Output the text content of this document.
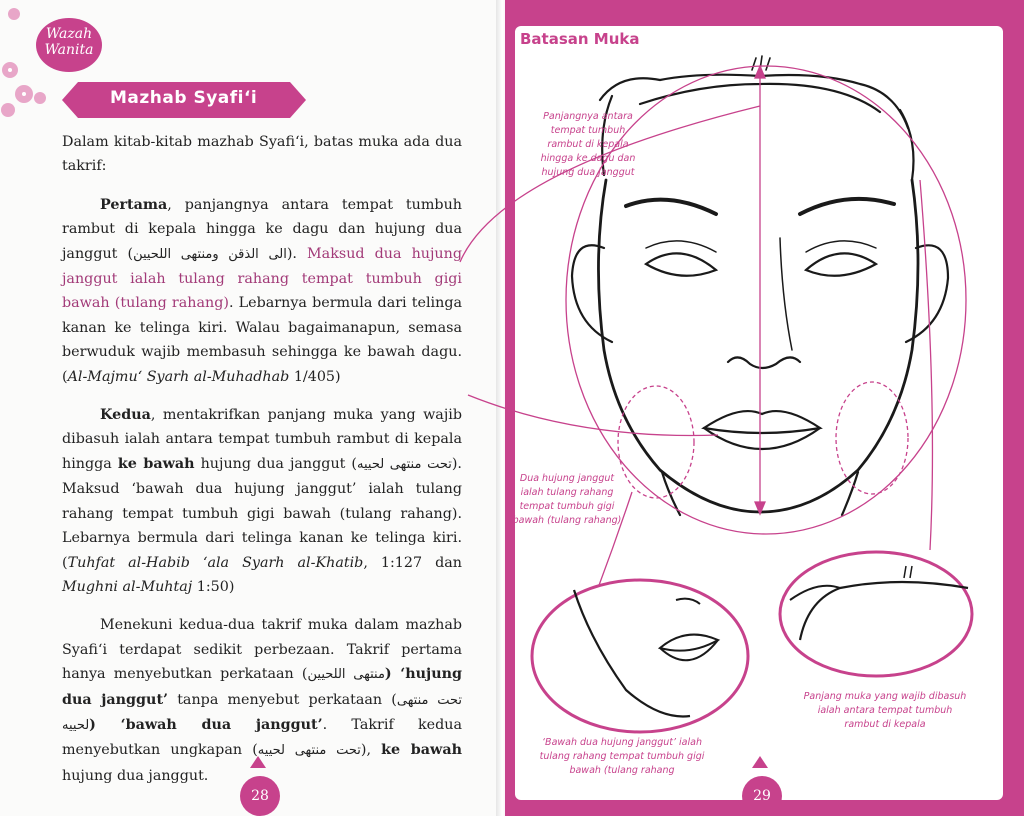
Wazah Wanita
Mazhab Syafi‘i

Dalam kitab-kitab mazhab Syafi‘i, batas muka ada dua takrif:

Pertama, panjangnya antara tempat tumbuh rambut di kepala hingga ke dagu dan hujung dua janggut (الى الذقن ومنتهى اللحيين). Maksud dua hujung janggut ialah tulang rahang tempat tumbuh gigi bawah (tulang rahang). Lebarnya bermula dari telinga kanan ke telinga kiri. Walau bagaimanapun, semasa berwuduk wajib membasuh sehingga ke bawah dagu. (Al-Majmu‘ Syarh al-Muhadhab 1/405)

Kedua, mentakrifkan panjang muka yang wajib dibasuh ialah antara tempat tumbuh rambut di kepala hingga ke bawah hujung dua janggut (تحت منتهى لحييه). Maksud ‘bawah dua hujung janggut’ ialah tulang rahang tempat tumbuh gigi bawah (tulang rahang). Lebarnya bermula dari telinga kanan ke telinga kiri. (Tuhfat al-Habib ‘ala Syarh al-Khatib, 1:127 dan Mughni al-Muhtaj 1:50)

Menekuni kedua-dua takrif muka dalam mazhab Syafi‘i terdapat sedikit perbezaan. Takrif pertama hanya menyebutkan perkataan (منتهى اللحيين) ‘hujung dua janggut’ tanpa menyebut perkataan (تحت منتهى لحييه) ‘bawah dua janggut’. Takrif kedua menyebutkan ungkapan (تحت منتهى لحييه), ke bawah hujung dua janggut.

28
Batasan Muka
Panjangnya antara tempat tumbuh rambut di kepala hingga ke dagu dan hujung dua janggut
Dua hujung janggut ialah tulang rahang tempat tumbuh gigi bawah (tulang rahang)
‘Bawah dua hujung janggut’ ialah tulang rahang tempat tumbuh gigi bawah (tulang rahang
Panjang muka yang wajib dibasuh ialah antara tempat tumbuh rambut di kepala
29
